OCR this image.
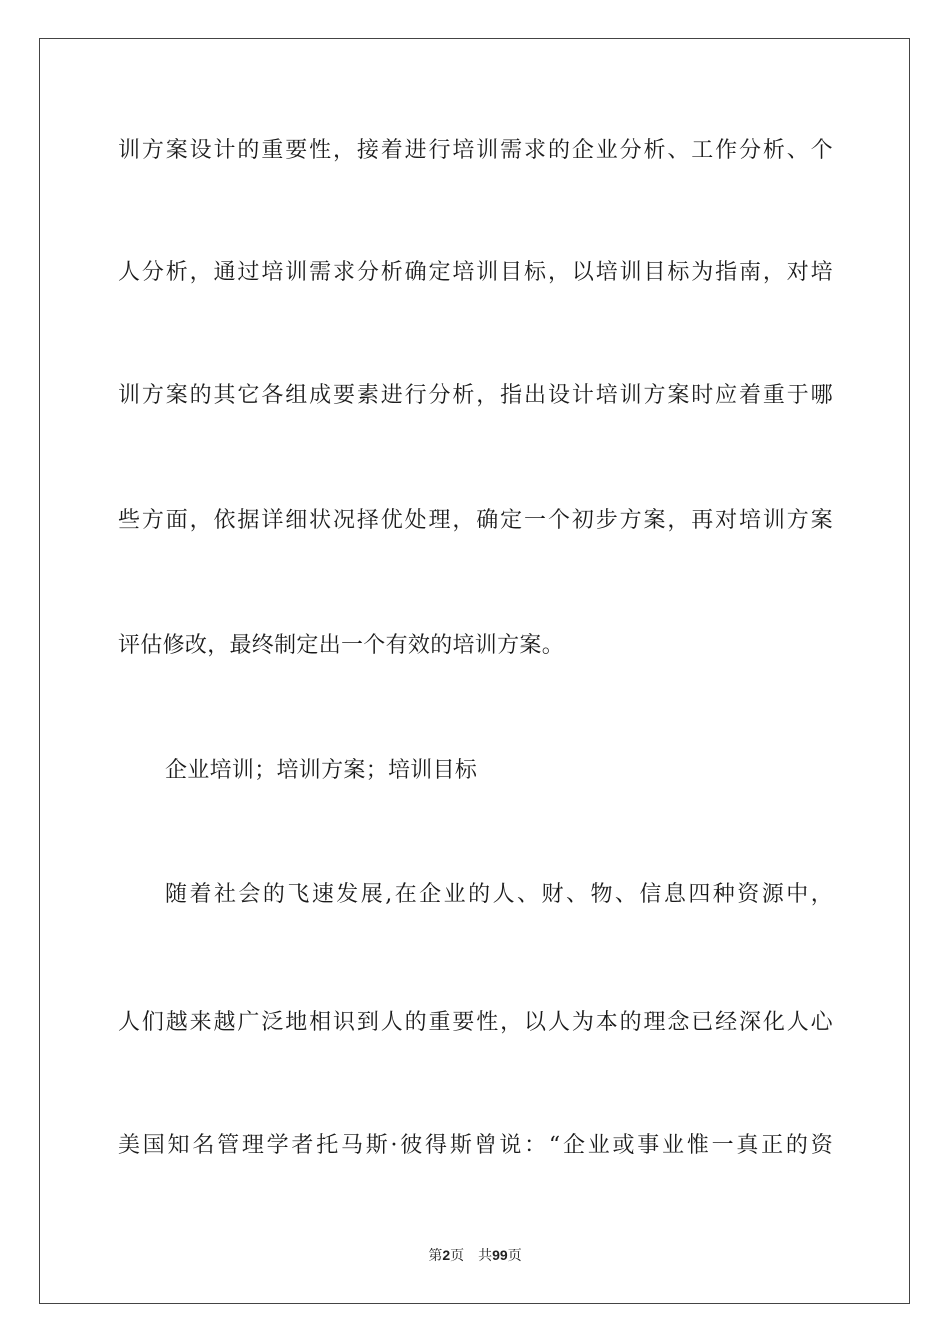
训方案设计的重要性，接着进行培训需求的企业分析、工作分析、个
人分析，通过培训需求分析确定培训目标，以培训目标为指南，对培
训方案的其它各组成要素进行分析，指出设计培训方案时应着重于哪
些方面，依据详细状况择优处理，确定一个初步方案，再对培训方案
评估修改，最终制定出一个有效的培训方案。
企业培训；培训方案；培训目标
随着社会的飞速发展,在企业的人、财、物、信息四种资源中，
人们越来越广泛地相识到人的重要性，以人为本的理念已经深化人心
美国知名管理学者托马斯·彼得斯曾说：“企业或事业惟一真正的资
第2页 共99页
